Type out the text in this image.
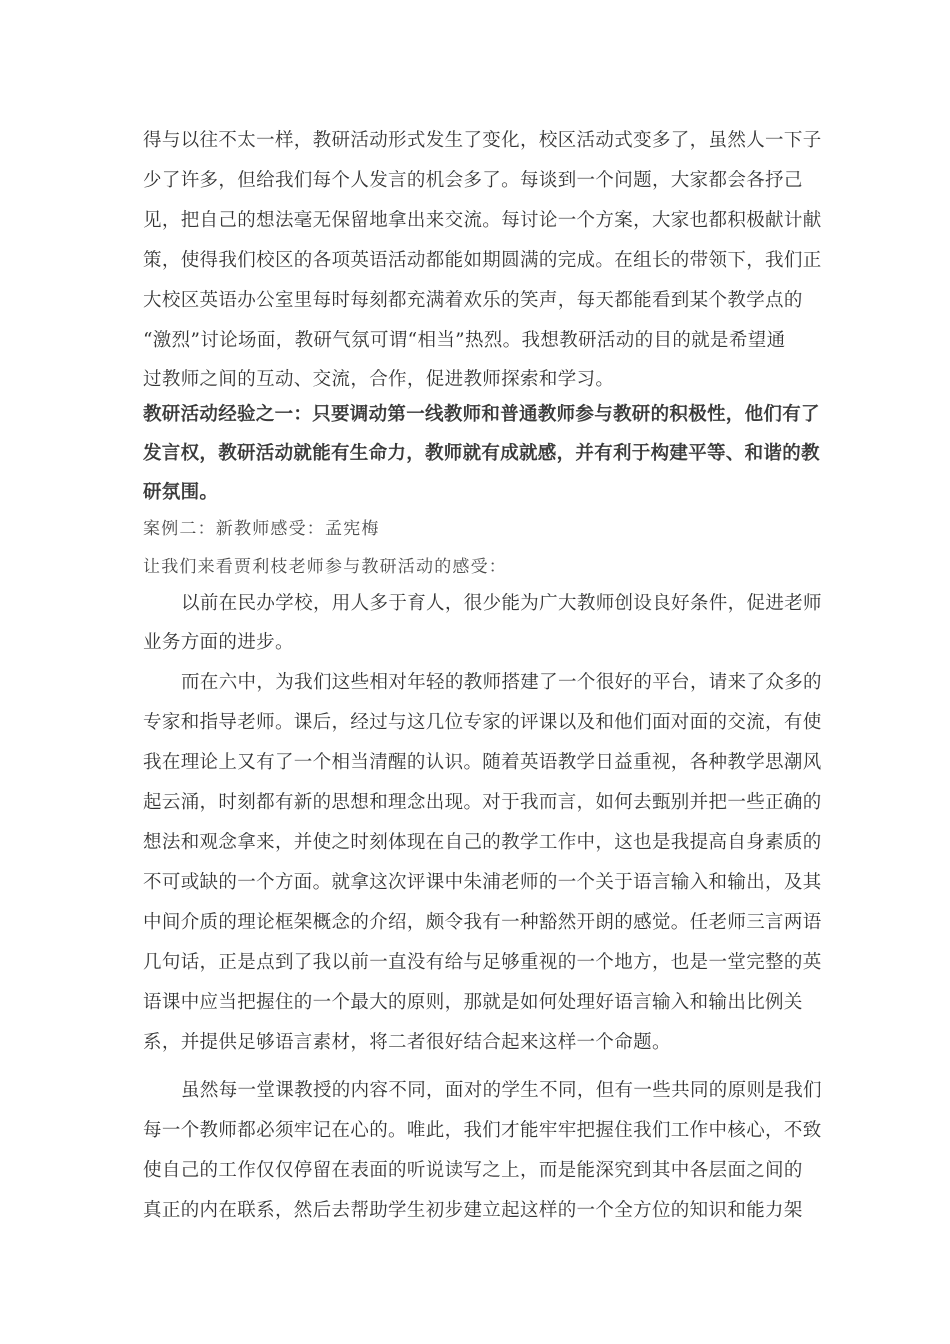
得与以往不太一样，教研活动形式发生了变化，校区活动式变多了，虽然人一下子
少了许多，但给我们每个人发言的机会多了。每谈到一个问题，大家都会各抒己
见，把自己的想法毫无保留地拿出来交流。每讨论一个方案，大家也都积极献计献
策，使得我们校区的各项英语活动都能如期圆满的完成。在组长的带领下，我们正
大校区英语办公室里每时每刻都充满着欢乐的笑声，每天都能看到某个教学点的
“激烈”讨论场面，教研气氛可谓“相当”热烈。我想教研活动的目的就是希望通
过教师之间的互动、交流，合作，促进教师探索和学习。
教研活动经验之一：只要调动第一线教师和普通教师参与教研的积极性，他们有了
发言权，教研活动就能有生命力，教师就有成就感，并有利于构建平等、和谐的教
研氛围。
案例二：新教师感受：孟宪梅
让我们来看贾利枝老师参与教研活动的感受：
以前在民办学校，用人多于育人，很少能为广大教师创设良好条件，促进老师
业务方面的进步。
而在六中，为我们这些相对年轻的教师搭建了一个很好的平台，请来了众多的
专家和指导老师。课后，经过与这几位专家的评课以及和他们面对面的交流，有使
我在理论上又有了一个相当清醒的认识。随着英语教学日益重视，各种教学思潮风
起云涌，时刻都有新的思想和理念出现。对于我而言，如何去甄别并把一些正确的
想法和观念拿来，并使之时刻体现在自己的教学工作中，这也是我提高自身素质的
不可或缺的一个方面。就拿这次评课中朱浦老师的一个关于语言输入和输出，及其
中间介质的理论框架概念的介绍，颇令我有一种豁然开朗的感觉。任老师三言两语
几句话，正是点到了我以前一直没有给与足够重视的一个地方，也是一堂完整的英
语课中应当把握住的一个最大的原则，那就是如何处理好语言输入和输出比例关
系，并提供足够语言素材，将二者很好结合起来这样一个命题。
虽然每一堂课教授的内容不同，面对的学生不同，但有一些共同的原则是我们
每一个教师都必须牢记在心的。唯此，我们才能牢牢把握住我们工作中核心，不致
使自己的工作仅仅停留在表面的听说读写之上，而是能深究到其中各层面之间的
真正的内在联系，然后去帮助学生初步建立起这样的一个全方位的知识和能力架
